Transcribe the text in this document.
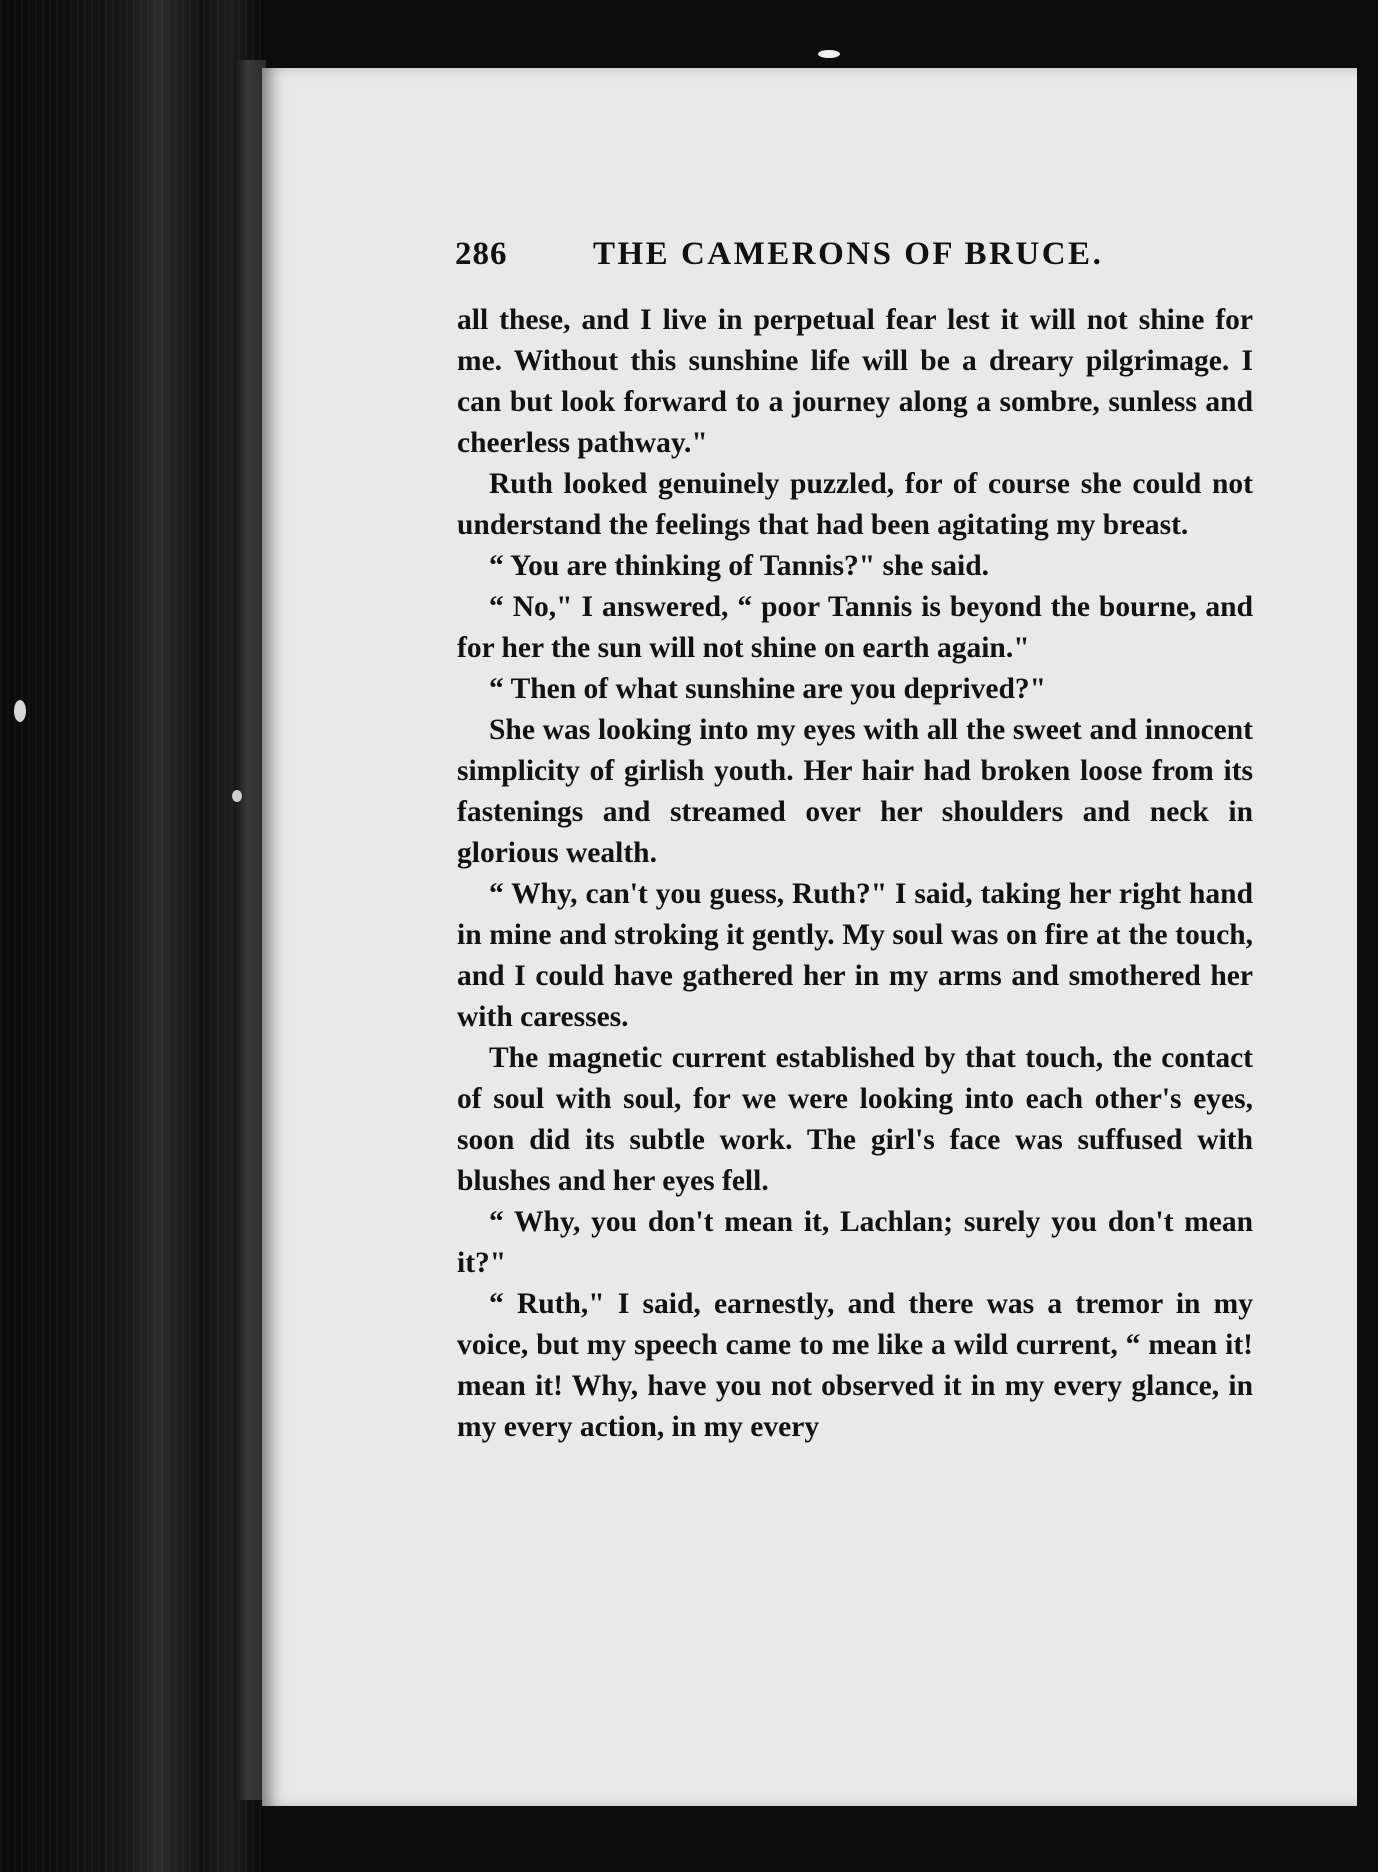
286	THE CAMERONS OF BRUCE.

all these, and I live in perpetual fear lest it will not shine for me. Without this sunshine life will be a dreary pilgrimage. I can but look forward to a journey along a sombre, sunless and cheerless pathway."

Ruth looked genuinely puzzled, for of course she could not understand the feelings that had been agitating my breast.

“ You are thinking of Tannis?" she said.

“ No," I answered, “ poor Tannis is beyond the bourne, and for her the sun will not shine on earth again."

“ Then of what sunshine are you deprived?"

She was looking into my eyes with all the sweet and innocent simplicity of girlish youth. Her hair had broken loose from its fastenings and streamed over her shoulders and neck in glorious wealth.

“ Why, can't you guess, Ruth?" I said, taking her right hand in mine and stroking it gently. My soul was on fire at the touch, and I could have gathered her in my arms and smothered her with caresses.

The magnetic current established by that touch, the contact of soul with soul, for we were looking into each other's eyes, soon did its subtle work. The girl's face was suffused with blushes and her eyes fell.

“ Why, you don't mean it, Lachlan; surely you don't mean it?"

“ Ruth," I said, earnestly, and there was a tremor in my voice, but my speech came to me like a wild current, “ mean it! mean it! Why, have you not observed it in my every glance, in my every action, in my every
